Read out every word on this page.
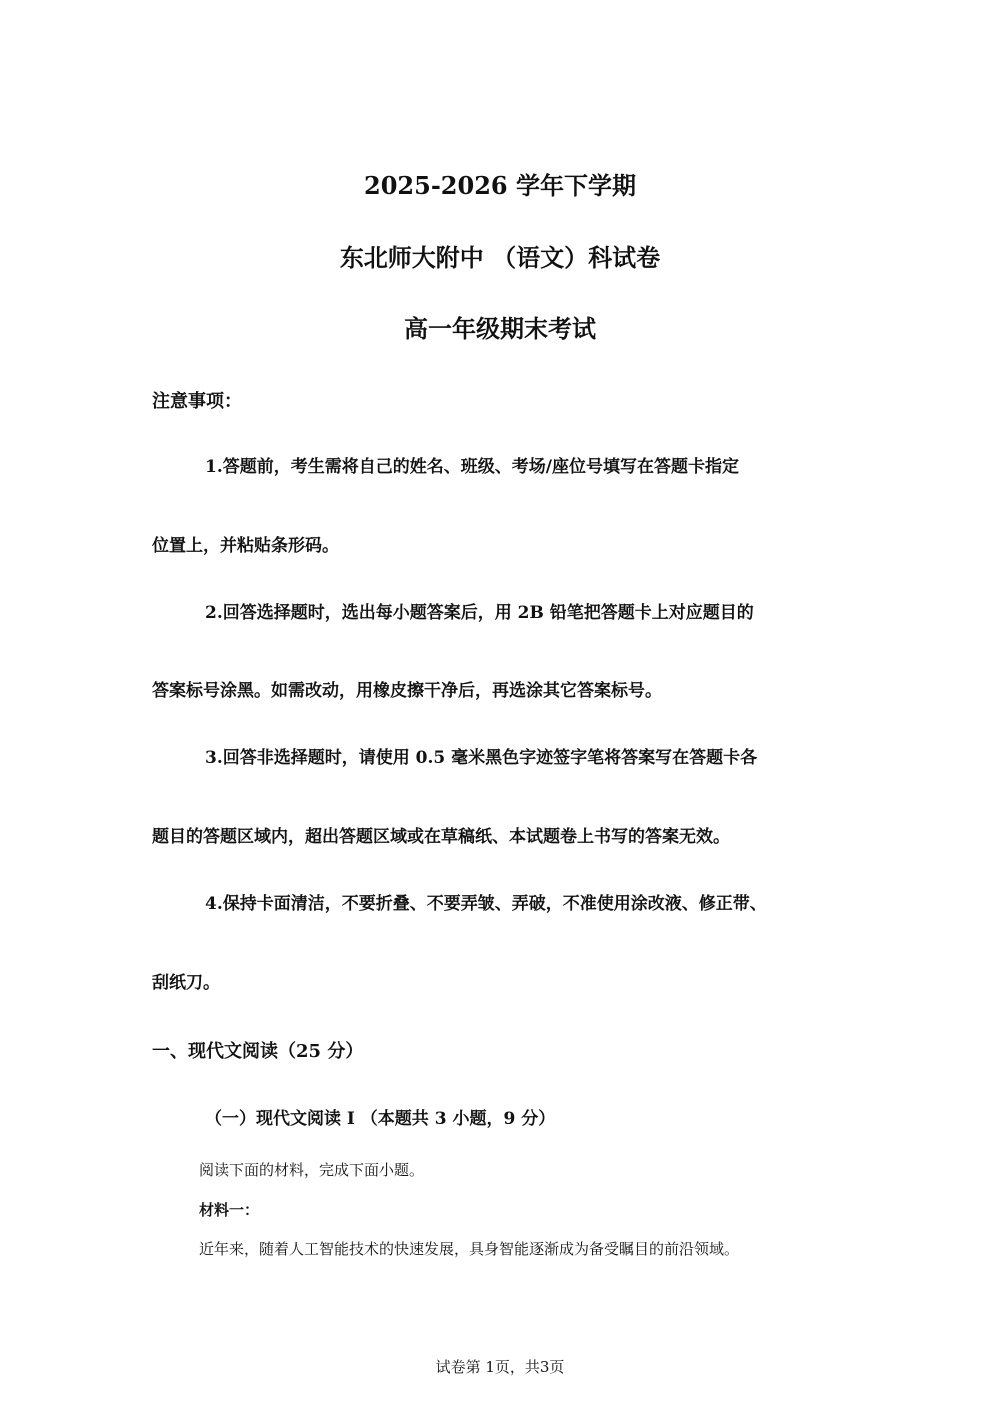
2025-2026 学年下学期
东北师大附中 （语文）科试卷
高一年级期末考试
注意事项：
1.答题前，考生需将自己的姓名、班级、考场/座位号填写在答题卡指定
位置上，并粘贴条形码。
2.回答选择题时，选出每小题答案后，用 2B 铅笔把答题卡上对应题目的
答案标号涂黑。如需改动，用橡皮擦干净后，再选涂其它答案标号。
3.回答非选择题时，请使用 0.5 毫米黑色字迹签字笔将答案写在答题卡各
题目的答题区域内，超出答题区域或在草稿纸、本试题卷上书写的答案无效。
4.保持卡面清洁，不要折叠、不要弄皱、弄破，不准使用涂改液、修正带、
刮纸刀。
一、现代文阅读（25 分）
（一）现代文阅读 I （本题共 3 小题，9 分）
阅读下面的材料，完成下面小题。
材料一：
近年来，随着人工智能技术的快速发展，具身智能逐渐成为备受瞩目的前沿领域。
试卷第 1页，共3页
